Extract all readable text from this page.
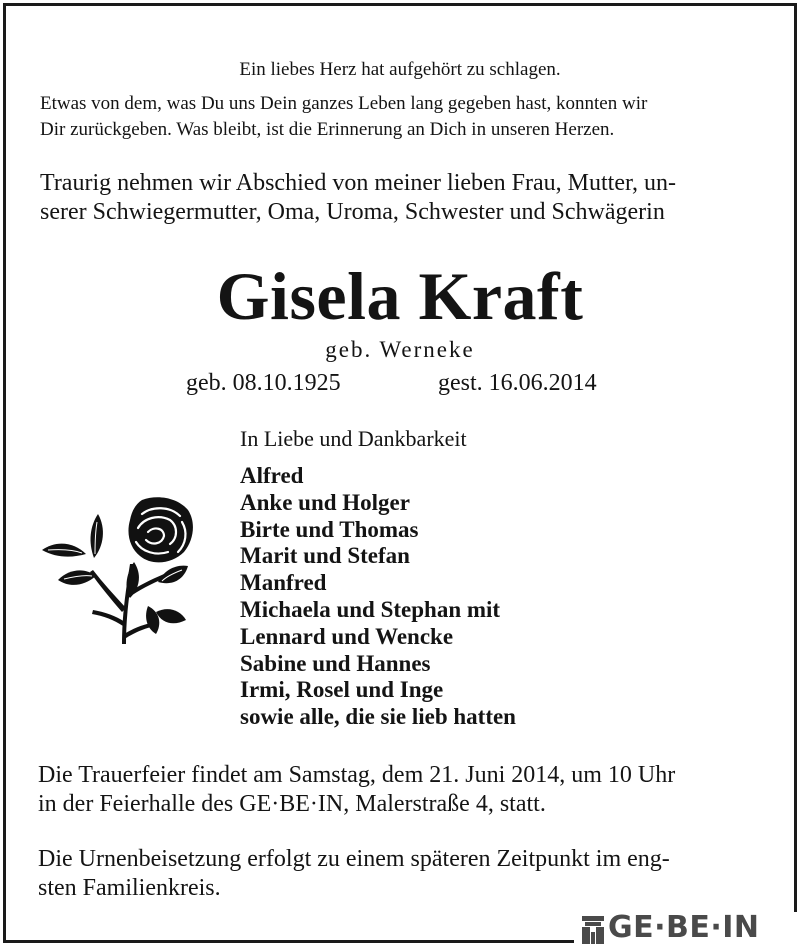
Ein liebes Herz hat aufgehört zu schlagen.

Etwas von dem, was Du uns Dein ganzes Leben lang gegeben hast, konnten wir

Dir zurückgeben. Was bleibt, ist die Erinnerung an Dich in unseren Herzen.

Traurig nehmen wir Abschied von meiner lieben Frau, Mutter, un-

serer Schwiegermutter, Oma, Uroma, Schwester und Schwägerin

Gisela Kraft

geb. Werneke

geb. 08.10.1925	gest. 16.06.2014

In Liebe und Dankbarkeit

Alfred
Anke und Holger
Birte und Thomas
Marit und Stefan
Manfred
Michaela und Stephan mit
Lennard und Wencke
Sabine und Hannes
Irmi, Rosel und Inge
sowie alle, die sie lieb hatten

Die Trauerfeier findet am Samstag, dem 21. Juni 2014, um 10 Uhr

in der Feierhalle des GE·BE·IN, Malerstraße 4, statt.

Die Urnenbeisetzung erfolgt zu einem späteren Zeitpunkt im eng-

sten Familienkreis.

GE·BE·IN
